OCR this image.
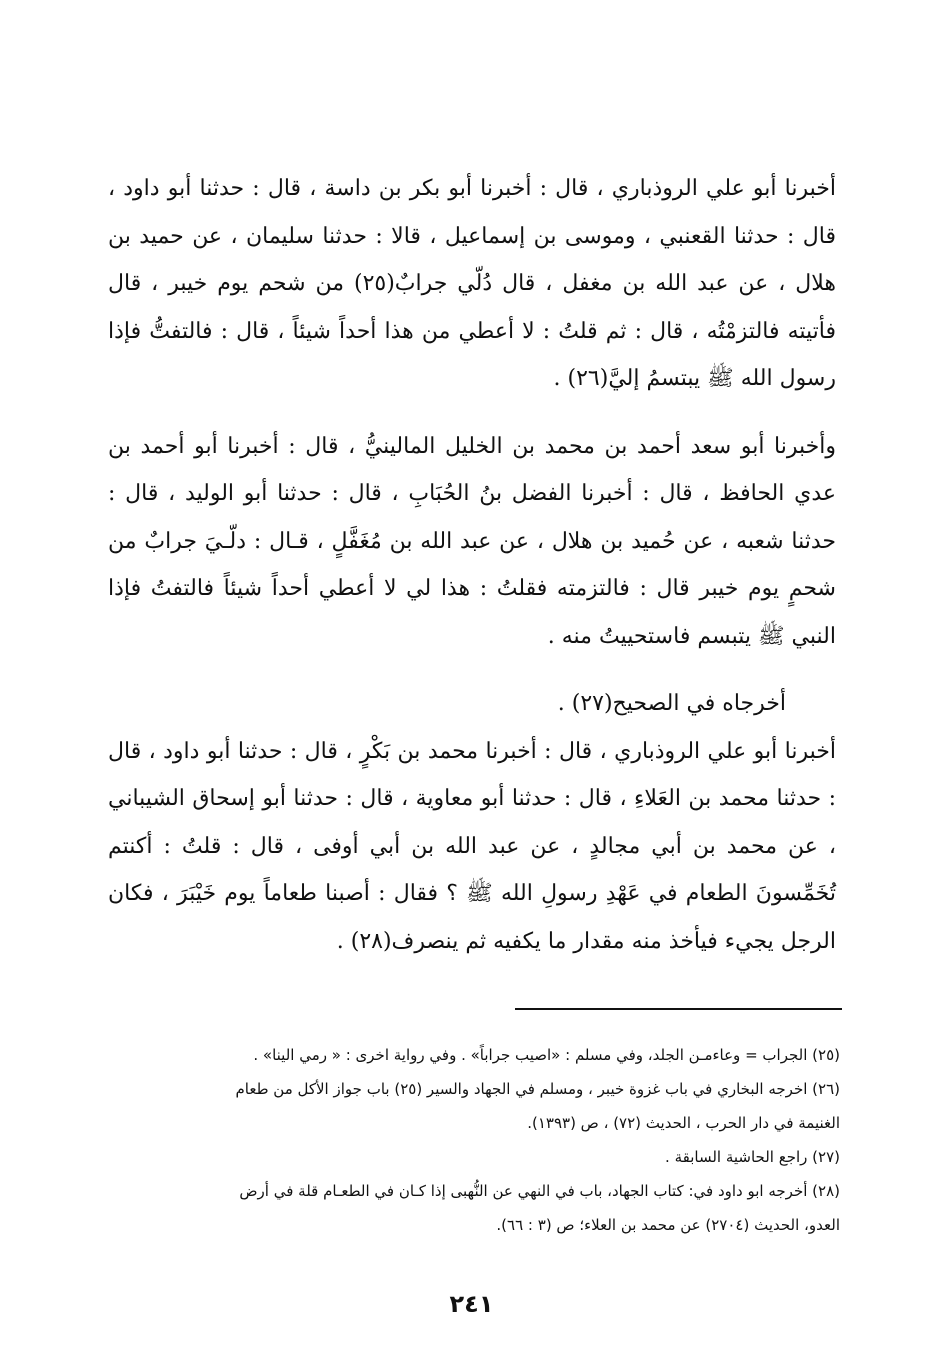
أخبرنا أبو علي الروذباري ، قال : أخبرنا أبو بكر بن داسة ، قال : حدثنا أبو داود ، قال : حدثنا القعنبي ، وموسى بن إسماعيل ، قالا : حدثنا سليمان ، عن حميد بن هلال ، عن عبد الله بن مغفل ، قال دُلّي جرابٌ(٢٥) من شحم يوم خيبر ، قال فأتيته فالتزمْتُه ، قال : ثم قلتُ : لا أعطي من هذا أحداً شيئاً ، قال : فالتفتُّ فإذا رسول الله ﷺ يبتسمُ إليَّ(٢٦) .

وأخبرنا أبو سعد أحمد بن محمد بن الخليل المالينيُّ ، قال : أخبرنا أبو أحمد بن عدي الحافظ ، قال : أخبرنا الفضل بنُ الحُبَابِ ، قال : حدثنا أبو الوليد ، قال : حدثنا شعبه ، عن حُميد بن هلال ، عن عبد الله بن مُغَفَّلٍ ، قـال : دلّـيَ جرابٌ من شحمٍ يوم خيبر قال : فالتزمته فقلتُ : هذا لي لا أعطي أحداً شيئاً فالتفتُ فإذا النبي ﷺ يتبسم فاستحييتُ منه .

أخرجاه في الصحيح(٢٧) .

أخبرنا أبو علي الروذباري ، قال : أخبرنا محمد بن بَكْرٍ ، قال : حدثنا أبو داود ، قال : حدثنا محمد بن العَلاءِ ، قال : حدثنا أبو معاوية ، قال : حدثنا أبو إسحاق الشيباني ، عن محمد بن أبي مجالدٍ ، عن عبد الله بن أبي أوفى ، قال : قلتُ : أكنتم تُخَمِّسونَ الطعام في عَهْدِ رسولِ الله ﷺ ؟ فقال : أصبنا طعاماً يوم خَيْبَرَ ، فكان الرجل يجيء فيأخذ منه مقدار ما يكفيه ثم ينصرف(٢٨) .

(٢٥) الجراب = وعاءمـن الجلد، وفي مسلم : «اصيب جراباً» . وفي رواية اخرى : « رمي الينا» .

(٢٦) اخرجه البخاري في باب غزوة خيبر ، ومسلم في الجهاد والسير (٢٥) باب جواز الأكل من طعام

الغنيمة في دار الحرب ، الحديث (٧٢) ، ص (١٣٩٣).

(٢٧) راجع الحاشية السابقة .

(٢٨) أخرجه ابو داود في: كتاب الجهاد، باب في النهي عن النُّهبى إذا كـان في الطعـام قلة في أرض

العدو، الحديث (٢٧٠٤) عن محمد بن العلاء؛ ص (٣ : ٦٦).

٢٤١
